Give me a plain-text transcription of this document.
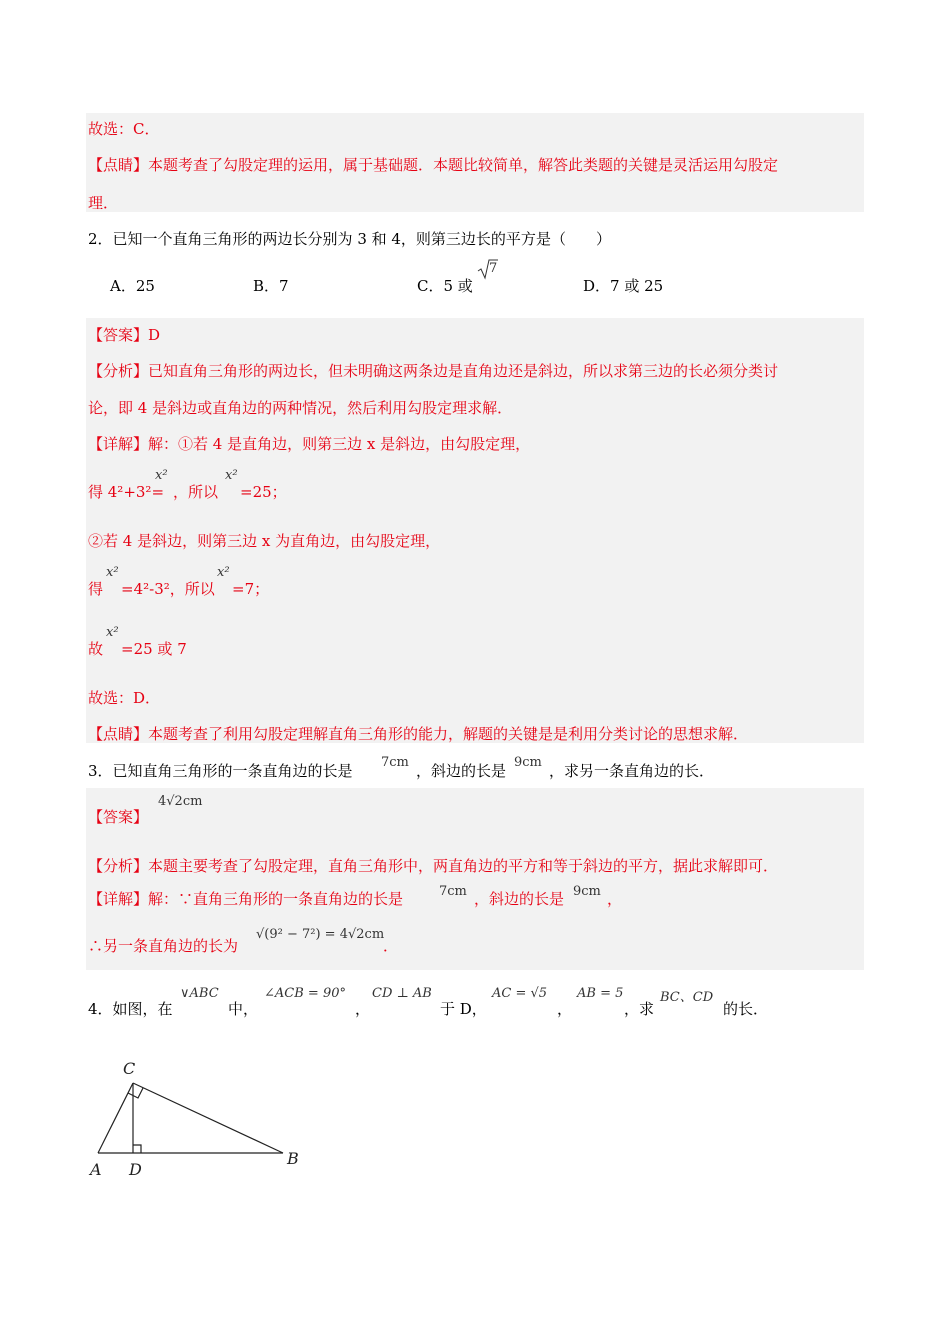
故选：C．
【点睛】本题考查了勾股定理的运用，属于基础题．本题比较简单，解答此类题的关键是灵活运用勾股定
理．
2．已知一个直角三角形的两边长分别为 3 和 4，则第三边长的平方是（　　）
A．25	B．7	C．5 或
7
D．7 或 25
【答案】D
【分析】已知直角三角形的两边长，但未明确这两条边是直角边还是斜边，所以求第三边的长必须分类讨
论，即 4 是斜边或直角边的两种情况，然后利用勾股定理求解．
【详解】解：①若 4 是直角边，则第三边 x 是斜边，由勾股定理，
得 4²+3²=
x²
，所以
x²
=25；
②若 4 是斜边，则第三边 x 为直角边，由勾股定理，
得
x²
=4²-3²，所以
x²
=7；
故
x²
=25 或 7
故选：D．
【点睛】本题考查了利用勾股定理解直角三角形的能力，解题的关键是是利用分类讨论的思想求解．
3．已知直角三角形的一条直角边的长是 7cm ，斜边的长是 9cm ，求另一条直角边的长．
4√2cm
【答案】
【分析】本题主要考查了勾股定理，直角三角形中，两直角边的平方和等于斜边的平方，据此求解即可．
【详解】解：∵直角三角形的一条直角边的长是	7cm ，斜边的长是 9cm ，
∴另一条直角边的长为
√(9² − 7²) = 4√2cm
．
4．如图，在
∨ABC
中，
∠ACB = 90°
，
CD ⊥ AB
于 D，
AC = √5
，
AB = 5
，求
BC、CD
的长．
C
A D
B
